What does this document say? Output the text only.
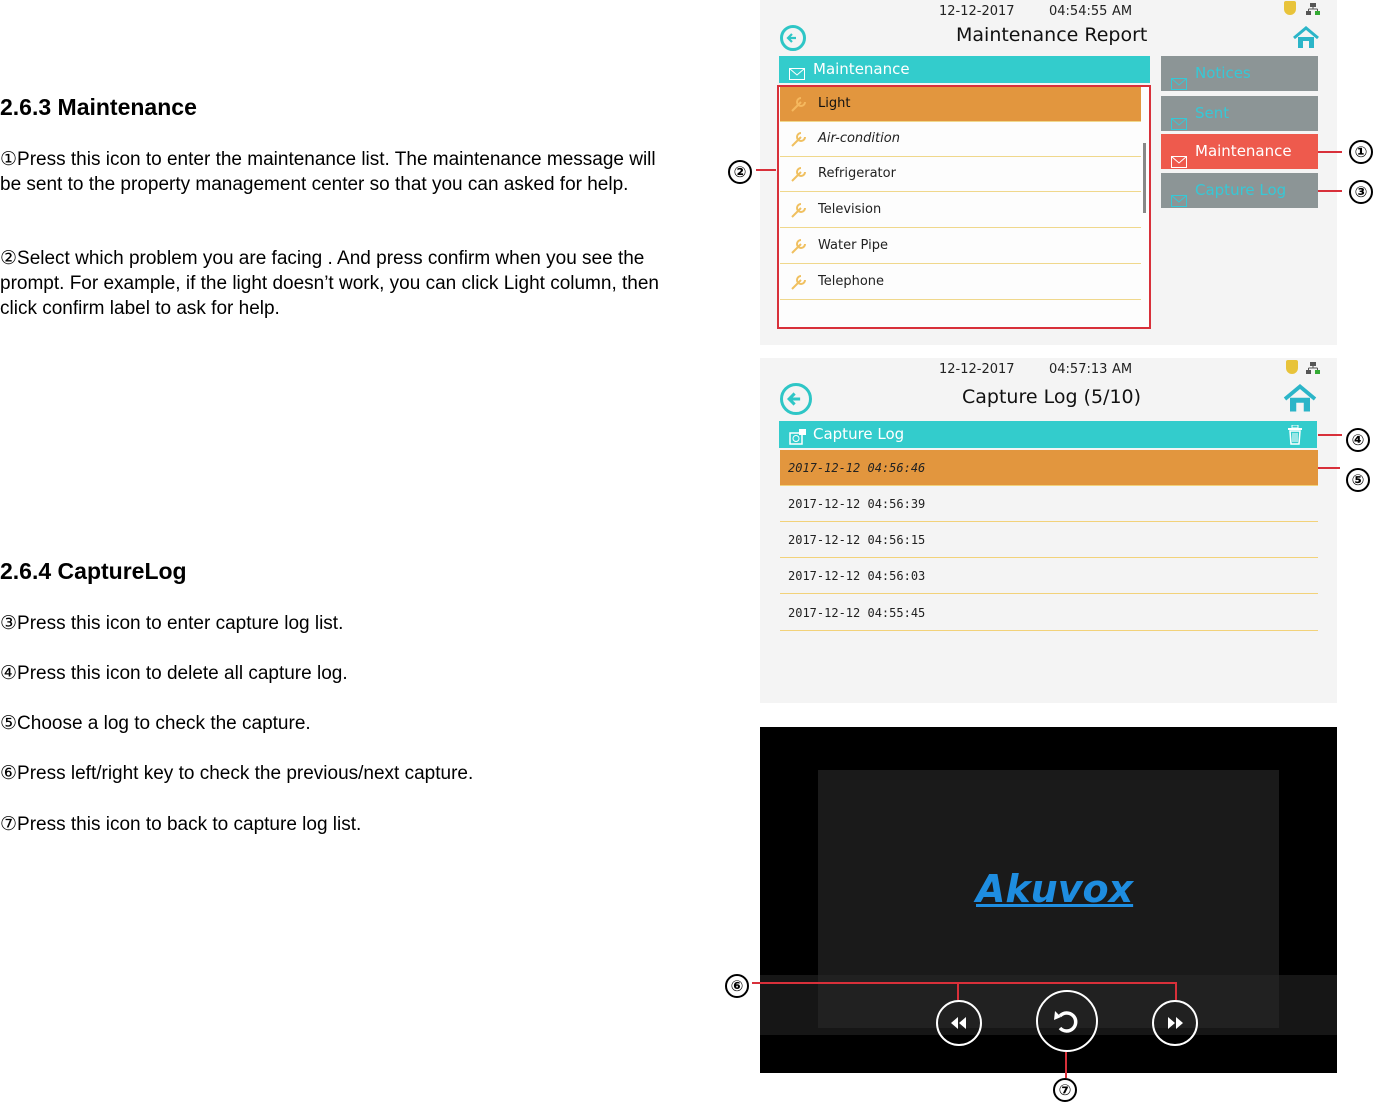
2.6.3 Maintenance

①Press this icon to enter the maintenance list. The maintenance message will be sent to the property management center so that you can asked for help.

②Select which problem you are facing . And press confirm when you see the prompt. For example, if the light doesn’t work, you can click Light column, then click confirm label to ask for help.

2.6.4 CaptureLog

③Press this icon to enter capture log list.

④Press this icon to delete all capture log.

⑤Choose a log to check the capture.

⑥Press left/right key to check the previous/next capture.

⑦Press this icon to back to capture log list.

12-12-2017	04:54:55 AM
Maintenance Report
Maintenance
Light
Air-condition
Refrigerator
Television
Water Pipe
Telephone
Notices
Sent
Maintenance
Capture Log
12-12-2017	04:57:13 AM
Capture Log (5/10)
Capture Log
2017-12-12 04:56:46
2017-12-12 04:56:39
2017-12-12 04:56:15
2017-12-12 04:56:03
2017-12-12 04:55:45
Akuvox
①
②
③
④
⑤
⑥
⑦
